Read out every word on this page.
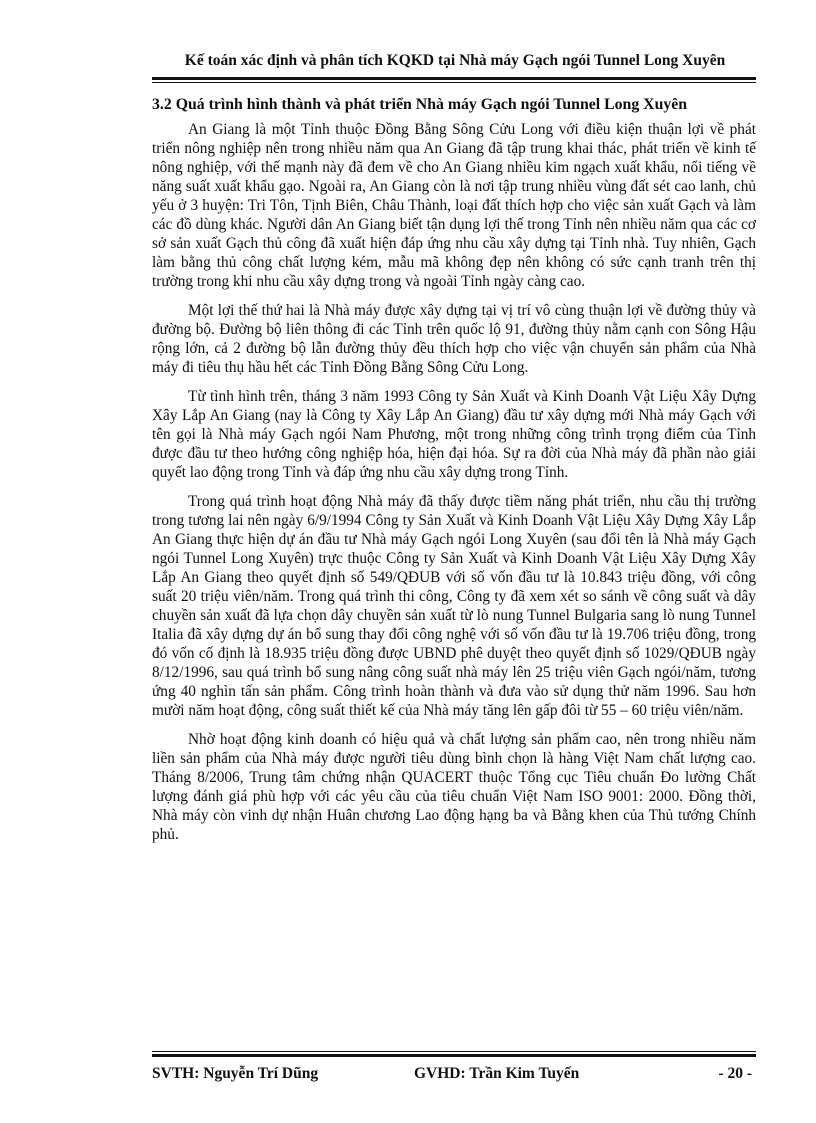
Kế toán xác định và phân tích KQKD tại Nhà máy Gạch ngói Tunnel Long Xuyên
3.2 Quá trình hình thành và phát triển Nhà máy Gạch ngói Tunnel Long Xuyên

An Giang là một Tỉnh thuộc Đồng Bằng Sông Cửu Long với điều kiện thuận lợi về phát triển nông nghiệp nên trong nhiều năm qua An Giang đã tập trung khai thác, phát triển về kinh tế nông nghiệp, với thế mạnh này đã đem về cho An Giang nhiều kim ngạch xuất khẩu, nổi tiếng về năng suất xuất khẩu gạo. Ngoài ra, An Giang còn là nơi tập trung nhiều vùng đất sét cao lanh, chủ yếu ở 3 huyện: Tri Tôn, Tịnh Biên, Châu Thành, loại đất thích hợp cho việc sản xuất Gạch và làm các đồ dùng khác. Người dân An Giang biết tận dụng lợi thế trong Tỉnh nên nhiều năm qua các cơ sở sản xuất Gạch thủ công đã xuất hiện đáp ứng nhu cầu xây dựng tại Tỉnh nhà. Tuy nhiên, Gạch làm bằng thủ công chất lượng kém, mẫu mã không đẹp nên không có sức cạnh tranh trên thị trường trong khi nhu cầu xây dựng trong và ngoài Tỉnh ngày càng cao.

Một lợi thế thứ hai là Nhà máy được xây dựng tại vị trí vô cùng thuận lợi về đường thủy và đường bộ. Đường bộ liên thông đi các Tỉnh trên quốc lộ 91, đường thủy nằm cạnh con Sông Hậu rộng lớn, cả 2 đường bộ lẫn đường thủy đều thích hợp cho việc vận chuyển sản phẩm của Nhà máy đi tiêu thụ hầu hết các Tỉnh Đồng Bằng Sông Cửu Long.

Từ tình hình trên, tháng 3 năm 1993 Công ty Sản Xuất và Kinh Doanh Vật Liệu Xây Dựng Xây Lắp An Giang (nay là Công ty Xây Lắp An Giang) đầu tư xây dựng mới Nhà máy Gạch với tên gọi là Nhà máy Gạch ngói Nam Phương, một trong những công trình trọng điểm của Tỉnh được đầu tư theo hướng công nghiệp hóa, hiện đại hóa. Sự ra đời của Nhà máy đã phần nào giải quyết lao động trong Tỉnh và đáp ứng nhu cầu xây dựng trong Tỉnh.

Trong quá trình hoạt động Nhà máy đã thấy được tiềm năng phát triển, nhu cầu thị trường trong tương lai nên ngày 6/9/1994 Công ty Sản Xuất và Kinh Doanh Vật Liệu Xây Dựng Xây Lắp An Giang thực hiện dự án đầu tư Nhà máy Gạch ngói Long Xuyên (sau đổi tên là Nhà máy Gạch ngói Tunnel Long Xuyên) trực thuộc Công ty Sản Xuất và Kinh Doanh Vật Liệu Xây Dựng Xây Lắp An Giang theo quyết định số 549/QĐUB với số vốn đầu tư là 10.843 triệu đồng, với công suất 20 triệu viên/năm. Trong quá trình thi công, Công ty đã xem xét so sánh về công suất và dây chuyền sản xuất đã lựa chọn dây chuyền sản xuất từ lò nung Tunnel Bulgaria sang lò nung Tunnel Italia đã xây dựng dự án bổ sung thay đổi công nghệ với số vốn đầu tư là 19.706 triệu đồng, trong đó vốn cố định là 18.935 triệu đồng được UBND phê duyệt theo quyết định số 1029/QĐUB ngày 8/12/1996, sau quá trình bổ sung nâng công suất nhà máy lên 25 triệu viên Gạch ngói/năm, tương ứng 40 nghìn tấn sản phẩm. Công trình hoàn thành và đưa vào sử dụng thử năm 1996. Sau hơn mười năm hoạt động, công suất thiết kế của Nhà máy tăng lên gấp đôi từ 55 – 60 triệu viên/năm.

Nhờ hoạt động kinh doanh có hiệu quả và chất lượng sản phẩm cao, nên trong nhiều năm liền sản phẩm của Nhà máy được người tiêu dùng bình chọn là hàng Việt Nam chất lượng cao. Tháng 8/2006, Trung tâm chứng nhận QUACERT thuộc Tổng cục Tiêu chuẩn Đo lường Chất lượng đánh giá phù hợp với các yêu cầu của tiêu chuẩn Việt Nam ISO 9001: 2000. Đồng thời, Nhà máy còn vinh dự nhận Huân chương Lao động hạng ba và Bằng khen của Thủ tướng Chính phủ.

SVTH: Nguyễn Trí Dũng	GVHD: Trần Kim Tuyến	- 20 -
